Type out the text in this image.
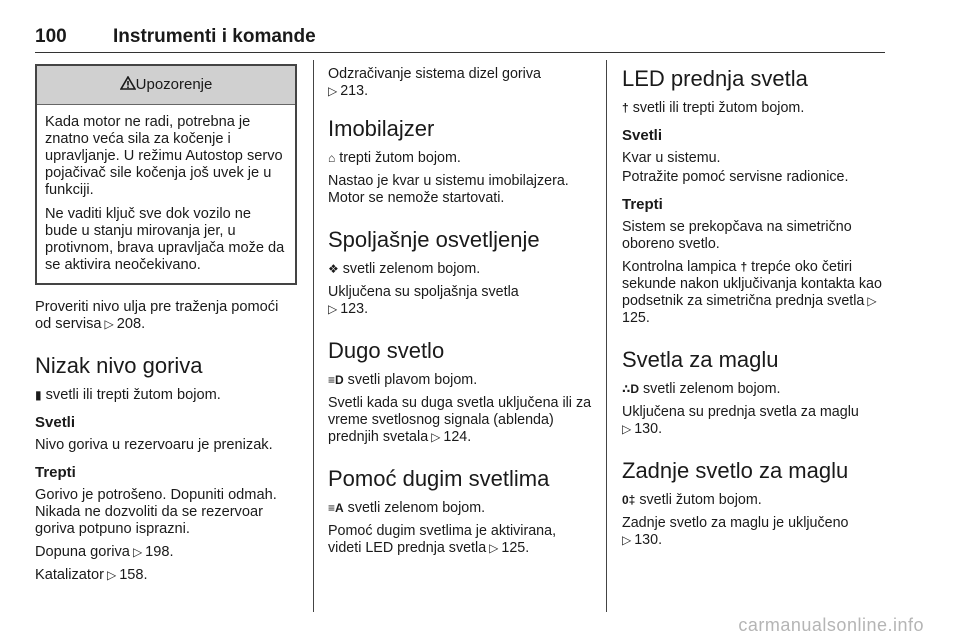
100 Instrumenti i komande
Upozorenje

Kada motor ne radi, potrebna je znatno veća sila za kočenje i upravljanje. U režimu Autostop servo pojačivač sile kočenja još uvek je u funkciji.

Ne vaditi ključ sve dok vozilo ne bude u stanju mirovanja jer, u protivnom, brava upravljača može da se aktivira neočekivano.

Proveriti nivo ulja pre traženja pomoći od servisa ▷ 208.

Nizak nivo goriva

▮ svetli ili trepti žutom bojom.

Svetli

Nivo goriva u rezervoaru je prenizak.

Trepti

Gorivo je potrošeno. Dopuniti odmah. Nikada ne dozvoliti da se rezervoar goriva potpuno isprazni.

Dopuna goriva ▷ 198.

Katalizator ▷ 158.

Odzračivanje sistema dizel goriva
▷ 213.

Imobilajzer

⌂ trepti žutom bojom.

Nastao je kvar u sistemu imobilajzera. Motor se nemože startovati.

Spoljašnje osvetljenje

❖ svetli zelenom bojom.

Uključena su spoljašnja svetla
▷ 123.

Dugo svetlo

≡D svetli plavom bojom.

Svetli kada su duga svetla uključena ili za vreme svetlosnog signala (ablenda) prednjih svetala ▷ 124.

Pomoć dugim svetlima

≡A svetli zelenom bojom.

Pomoć dugim svetlima je aktivirana, videti LED prednja svetla ▷ 125.

LED prednja svetla

† svetli ili trepti žutom bojom.

Svetli

Kvar u sistemu.

Potražite pomoć servisne radionice.

Trepti

Sistem se prekopčava na simetrično oboreno svetlo.

Kontrolna lampica † trepće oko četiri sekunde nakon uključivanja kontakta kao podsetnik za simetrična prednja svetla ▷125.

Svetla za maglu

∴D svetli zelenom bojom.

Uključena su prednja svetla za maglu
▷ 130.

Zadnje svetlo za maglu

0‡ svetli žutom bojom.

Zadnje svetlo za maglu je uključeno
▷ 130.

carmanualsonline.info
